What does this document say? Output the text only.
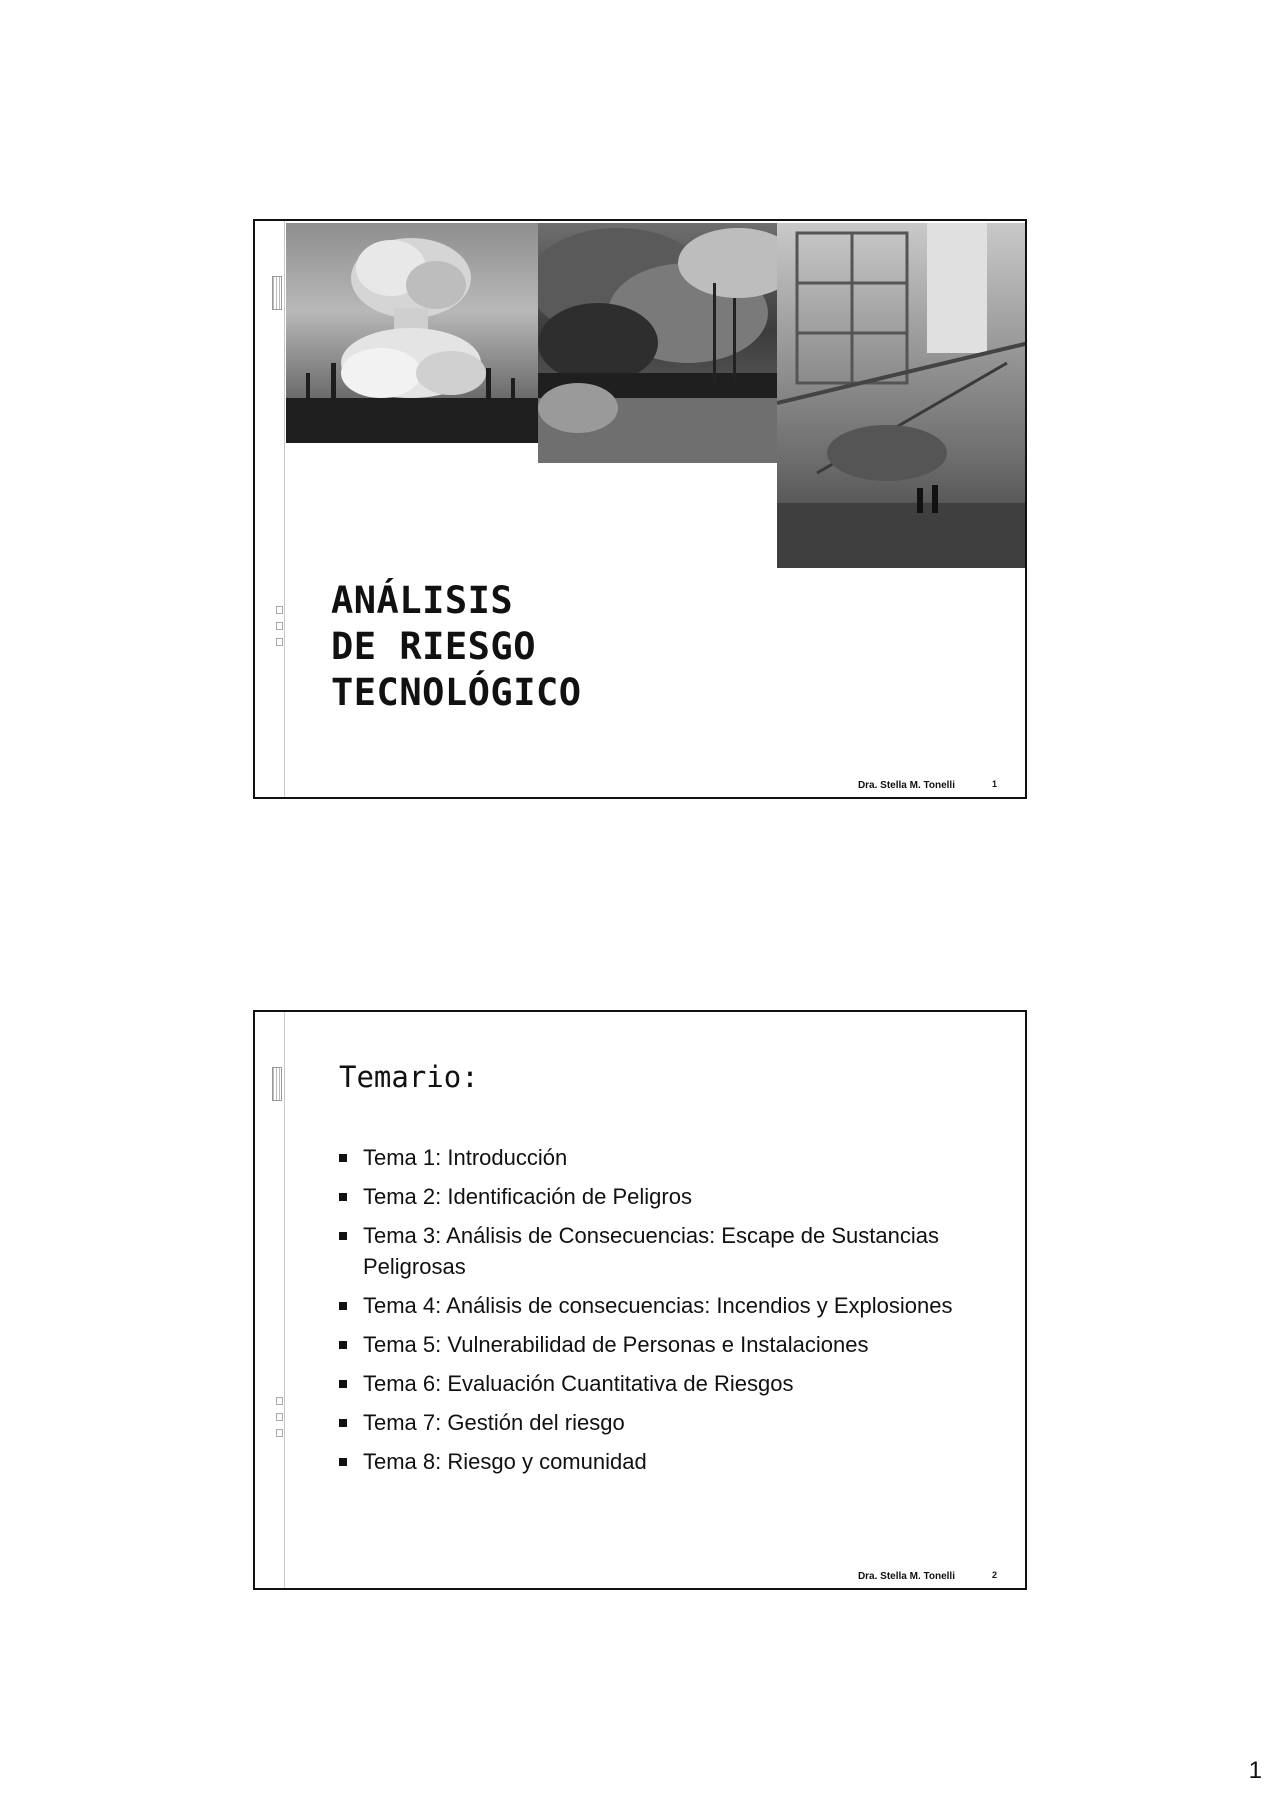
ANÁLISIS
DE RIESGO
TECNOLÓGICO
Dra. Stella M. Tonelli	1
Temario:
Tema 1: Introducción
Tema 2: Identificación de Peligros
Tema 3: Análisis de Consecuencias: Escape de Sustancias Peligrosas
Tema 4: Análisis de consecuencias: Incendios y Explosiones
Tema 5: Vulnerabilidad de Personas e Instalaciones
Tema 6: Evaluación Cuantitativa de Riesgos
Tema 7: Gestión del riesgo
Tema 8: Riesgo y comunidad
Dra. Stella M. Tonelli	2
1
